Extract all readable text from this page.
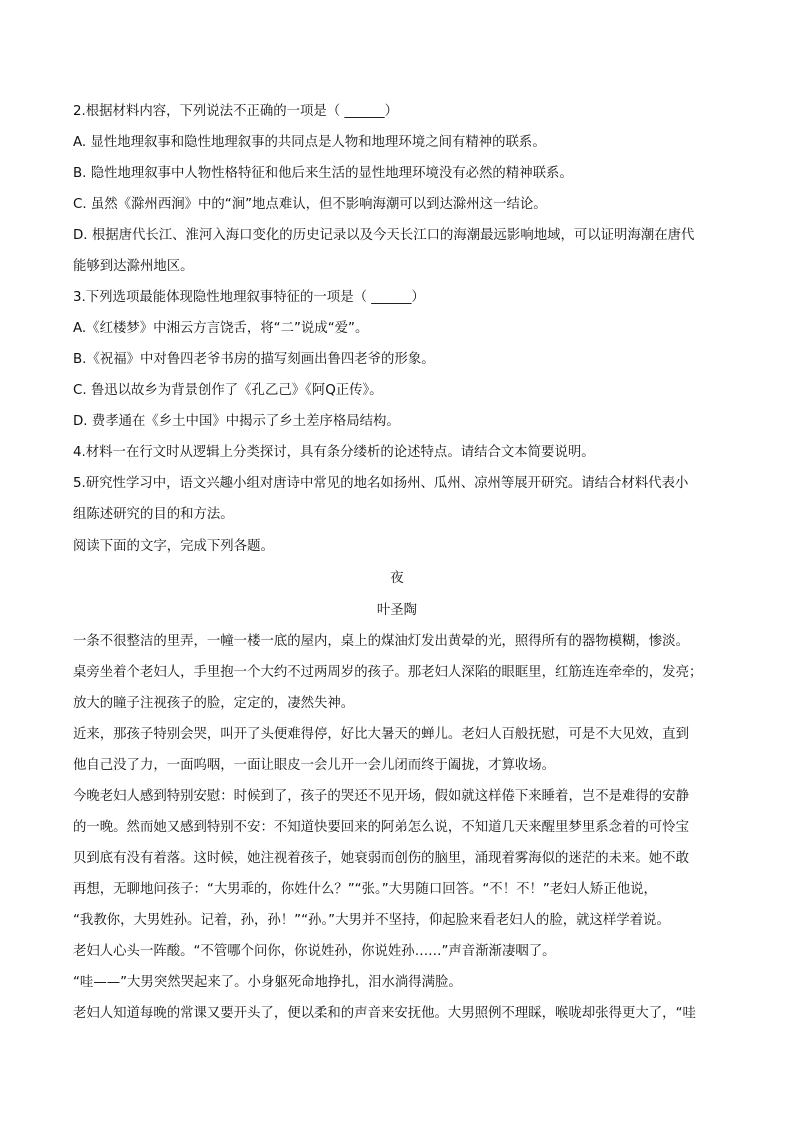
2.根据材料内容，下列说法不正确的一项是（ ______）
A. 显性地理叙事和隐性地理叙事的共同点是人物和地理环境之间有精神的联系。
B. 隐性地理叙事中人物性格特征和他后来生活的显性地理环境没有必然的精神联系。
C. 虽然《滁州西涧》中的“涧”地点难认，但不影响海潮可以到达滁州这一结论。
D. 根据唐代长江、淮河入海口变化的历史记录以及今天长江口的海潮最远影响地域，可以证明海潮在唐代
能够到达滁州地区。
3.下列选项最能体现隐性地理叙事特征的一项是（ ______）
A.《红楼梦》中湘云方言饶舌，将“二”说成“爱”。
B.《祝福》中对鲁四老爷书房的描写刻画出鲁四老爷的形象。
C. 鲁迅以故乡为背景创作了《孔乙己》《阿Q正传》。
D. 费孝通在《乡土中国》中揭示了乡土差序格局结构。
4.材料一在行文时从逻辑上分类探讨，具有条分缕析的论述特点。请结合文本简要说明。
5.研究性学习中，语文兴趣小组对唐诗中常见的地名如扬州、瓜州、凉州等展开研究。请结合材料代表小
组陈述研究的目的和方法。
阅读下面的文字，完成下列各题。
夜
叶圣陶
一条不很整洁的里弄，一幢一楼一底的屋内，桌上的煤油灯发出黄晕的光，照得所有的器物模糊，惨淡。
桌旁坐着个老妇人，手里抱一个大约不过两周岁的孩子。那老妇人深陷的眼眶里，红筋连连牵牵的，发亮；
放大的瞳子注视孩子的脸，定定的，凄然失神。
近来，那孩子特别会哭，叫开了头便难得停，好比大暑天的蝉儿。老妇人百般抚慰，可是不大见效，直到
他自己没了力，一面呜咽，一面让眼皮一会儿开一会儿闭而终于阖拢，才算收场。
今晚老妇人感到特别安慰：时候到了，孩子的哭还不见开场，假如就这样倦下来睡着，岂不是难得的安静
的一晚。然而她又感到特别不安：不知道快要回来的阿弟怎么说，不知道几天来醒里梦里系念着的可怜宝
贝到底有没有着落。这时候，她注视着孩子，她衰弱而创伤的脑里，涌现着雾海似的迷茫的未来。她不敢
再想，无聊地问孩子：“大男乖的，你姓什么？”“张。”大男随口回答。“不！不！”老妇人矫正他说，
“我教你，大男姓孙。记着，孙，孙！”“孙。”大男并不坚持，仰起脸来看老妇人的脸，就这样学着说。
老妇人心头一阵酸。“不管哪个问你，你说姓孙，你说姓孙……”声音渐渐凄咽了。
“哇——”大男突然哭起来了。小身躯死命地挣扎，泪水淌得满脸。
老妇人知道每晚的常课又要开头了，便以柔和的声音来安抚他。大男照例不理睬，喉咙却张得更大了，“哇
